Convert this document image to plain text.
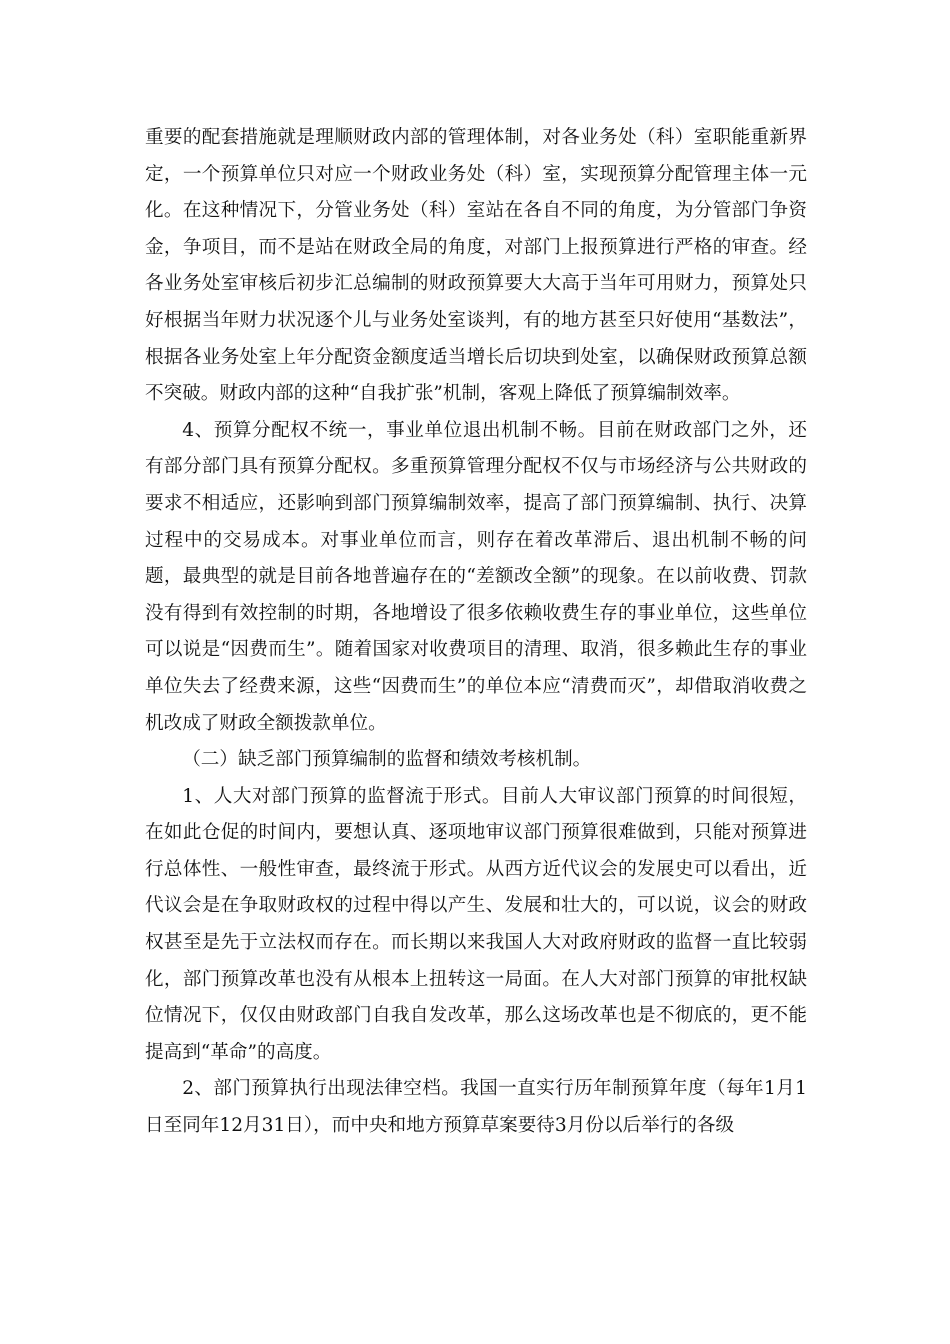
重要的配套措施就是理顺财政内部的管理体制，对各业务处（科）室职能重新界定，一个预算单位只对应一个财政业务处（科）室，实现预算分配管理主体一元化。在这种情况下，分管业务处（科）室站在各自不同的角度，为分管部门争资金，争项目，而不是站在财政全局的角度，对部门上报预算进行严格的审查。经各业务处室审核后初步汇总编制的财政预算要大大高于当年可用财力，预算处只好根据当年财力状况逐个儿与业务处室谈判，有的地方甚至只好使用“基数法”，根据各业务处室上年分配资金额度适当增长后切块到处室，以确保财政预算总额不突破。财政内部的这种“自我扩张”机制，客观上降低了预算编制效率。

4、预算分配权不统一，事业单位退出机制不畅。目前在财政部门之外，还有部分部门具有预算分配权。多重预算管理分配权不仅与市场经济与公共财政的要求不相适应，还影响到部门预算编制效率，提高了部门预算编制、执行、决算过程中的交易成本。对事业单位而言，则存在着改革滞后、退出机制不畅的问题，最典型的就是目前各地普遍存在的“差额改全额”的现象。在以前收费、罚款没有得到有效控制的时期，各地增设了很多依赖收费生存的事业单位，这些单位可以说是“因费而生”。随着国家对收费项目的清理、取消，很多赖此生存的事业单位失去了经费来源，这些“因费而生”的单位本应“清费而灭”，却借取消收费之机改成了财政全额拨款单位。

（二）缺乏部门预算编制的监督和绩效考核机制。

1、人大对部门预算的监督流于形式。目前人大审议部门预算的时间很短，在如此仓促的时间内，要想认真、逐项地审议部门预算很难做到，只能对预算进行总体性、一般性审查，最终流于形式。从西方近代议会的发展史可以看出，近代议会是在争取财政权的过程中得以产生、发展和壮大的，可以说，议会的财政权甚至是先于立法权而存在。而长期以来我国人大对政府财政的监督一直比较弱化，部门预算改革也没有从根本上扭转这一局面。在人大对部门预算的审批权缺位情况下，仅仅由财政部门自我自发改革，那么这场改革也是不彻底的，更不能提高到“革命”的高度。

2、部门预算执行出现法律空档。我国一直实行历年制预算年度（每年1月1日至同年12月31日），而中央和地方预算草案要待3月份以后举行的各级
